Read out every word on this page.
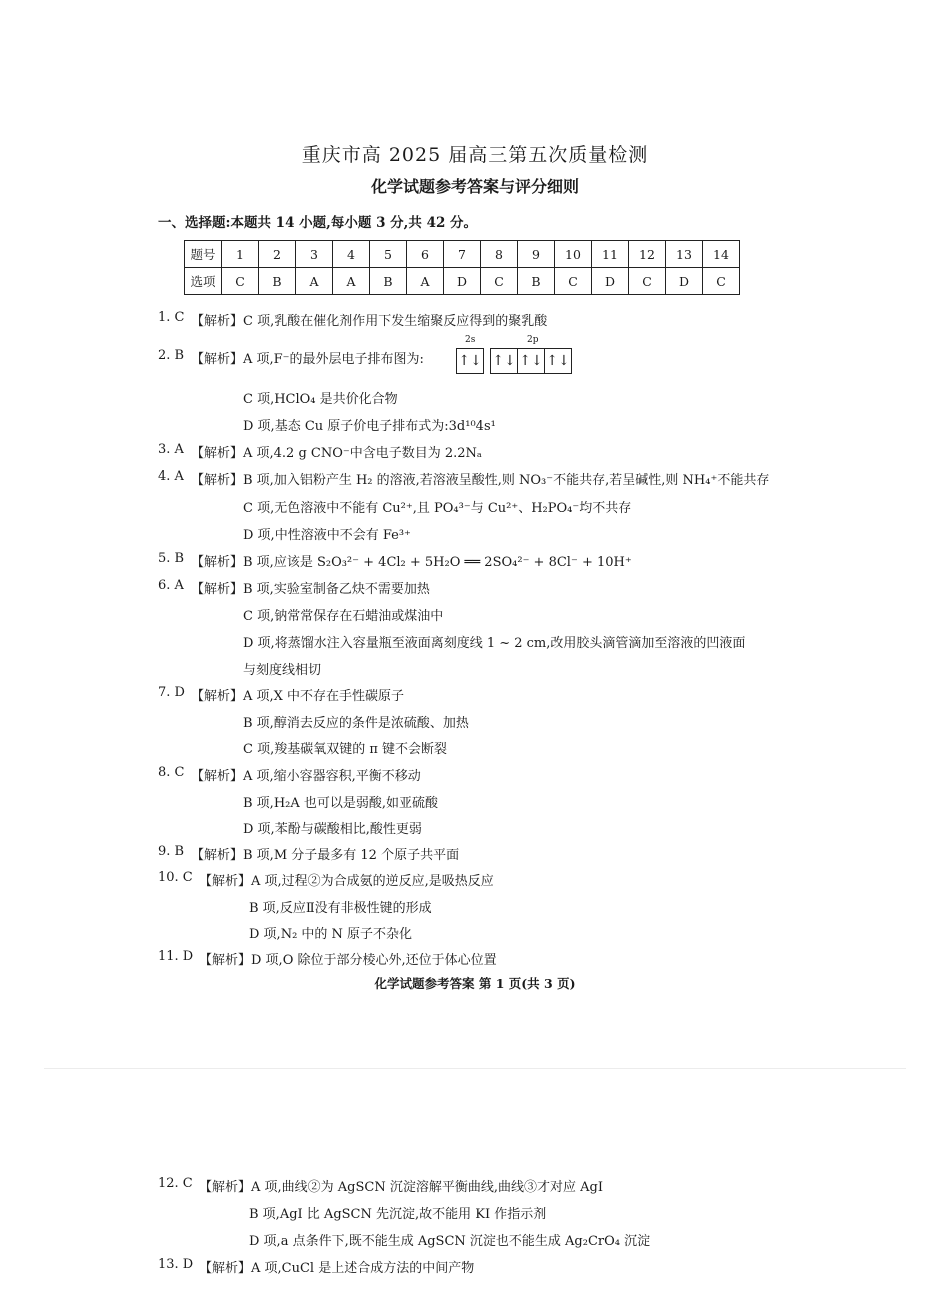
重庆市高 2025 届高三第五次质量检测
化学试题参考答案与评分细则
一、选择题:本题共 14 小题,每小题 3 分,共 42 分。
题号	1	2	3	4	5	6	7	8	9	10	11	12	13	14
选项	C	B	A	A	B	A	D	C	B	C	D	C	D	C
1. C 【解析】C 项,乳酸在催化剂作用下发生缩聚反应得到的聚乳酸
2. B 【解析】A 项,F⁻的最外层电子排布图为:
2s	2p
↑↓ ↑↓ ↑↓ ↑↓
C 项,HClO₄ 是共价化合物
D 项,基态 Cu 原子价电子排布式为:3d¹⁰4s¹
3. A 【解析】A 项,4.2 g CNO⁻中含电子数目为 2.2Nₐ
4. A 【解析】B 项,加入铝粉产生 H₂ 的溶液,若溶液呈酸性,则 NO₃⁻不能共存,若呈碱性,则 NH₄⁺不能共存
C 项,无色溶液中不能有 Cu²⁺,且 PO₄³⁻与 Cu²⁺、H₂PO₄⁻均不共存
D 项,中性溶液中不会有 Fe³⁺
5. B 【解析】B 项,应该是 S₂O₃²⁻ + 4Cl₂ + 5H₂O ══ 2SO₄²⁻ + 8Cl⁻ + 10H⁺
6. A 【解析】B 项,实验室制备乙炔不需要加热
C 项,钠常常保存在石蜡油或煤油中
D 项,将蒸馏水注入容量瓶至液面离刻度线 1 ~ 2 cm,改用胶头滴管滴加至溶液的凹液面
与刻度线相切
7. D 【解析】A 项,X 中不存在手性碳原子
B 项,醇消去反应的条件是浓硫酸、加热
C 项,羧基碳氧双键的 π 键不会断裂
8. C 【解析】A 项,缩小容器容积,平衡不移动
B 项,H₂A 也可以是弱酸,如亚硫酸
D 项,苯酚与碳酸相比,酸性更弱
9. B 【解析】B 项,M 分子最多有 12 个原子共平面
10. C 【解析】A 项,过程②为合成氨的逆反应,是吸热反应
B 项,反应Ⅱ没有非极性键的形成
D 项,N₂ 中的 N 原子不杂化
11. D 【解析】D 项,O 除位于部分棱心外,还位于体心位置
化学试题参考答案 第 1 页(共 3 页)
12. C 【解析】A 项,曲线②为 AgSCN 沉淀溶解平衡曲线,曲线③才对应 AgI
B 项,AgI 比 AgSCN 先沉淀,故不能用 KI 作指示剂
D 项,a 点条件下,既不能生成 AgSCN 沉淀也不能生成 Ag₂CrO₄ 沉淀
13. D 【解析】A 项,CuCl 是上述合成方法的中间产物
